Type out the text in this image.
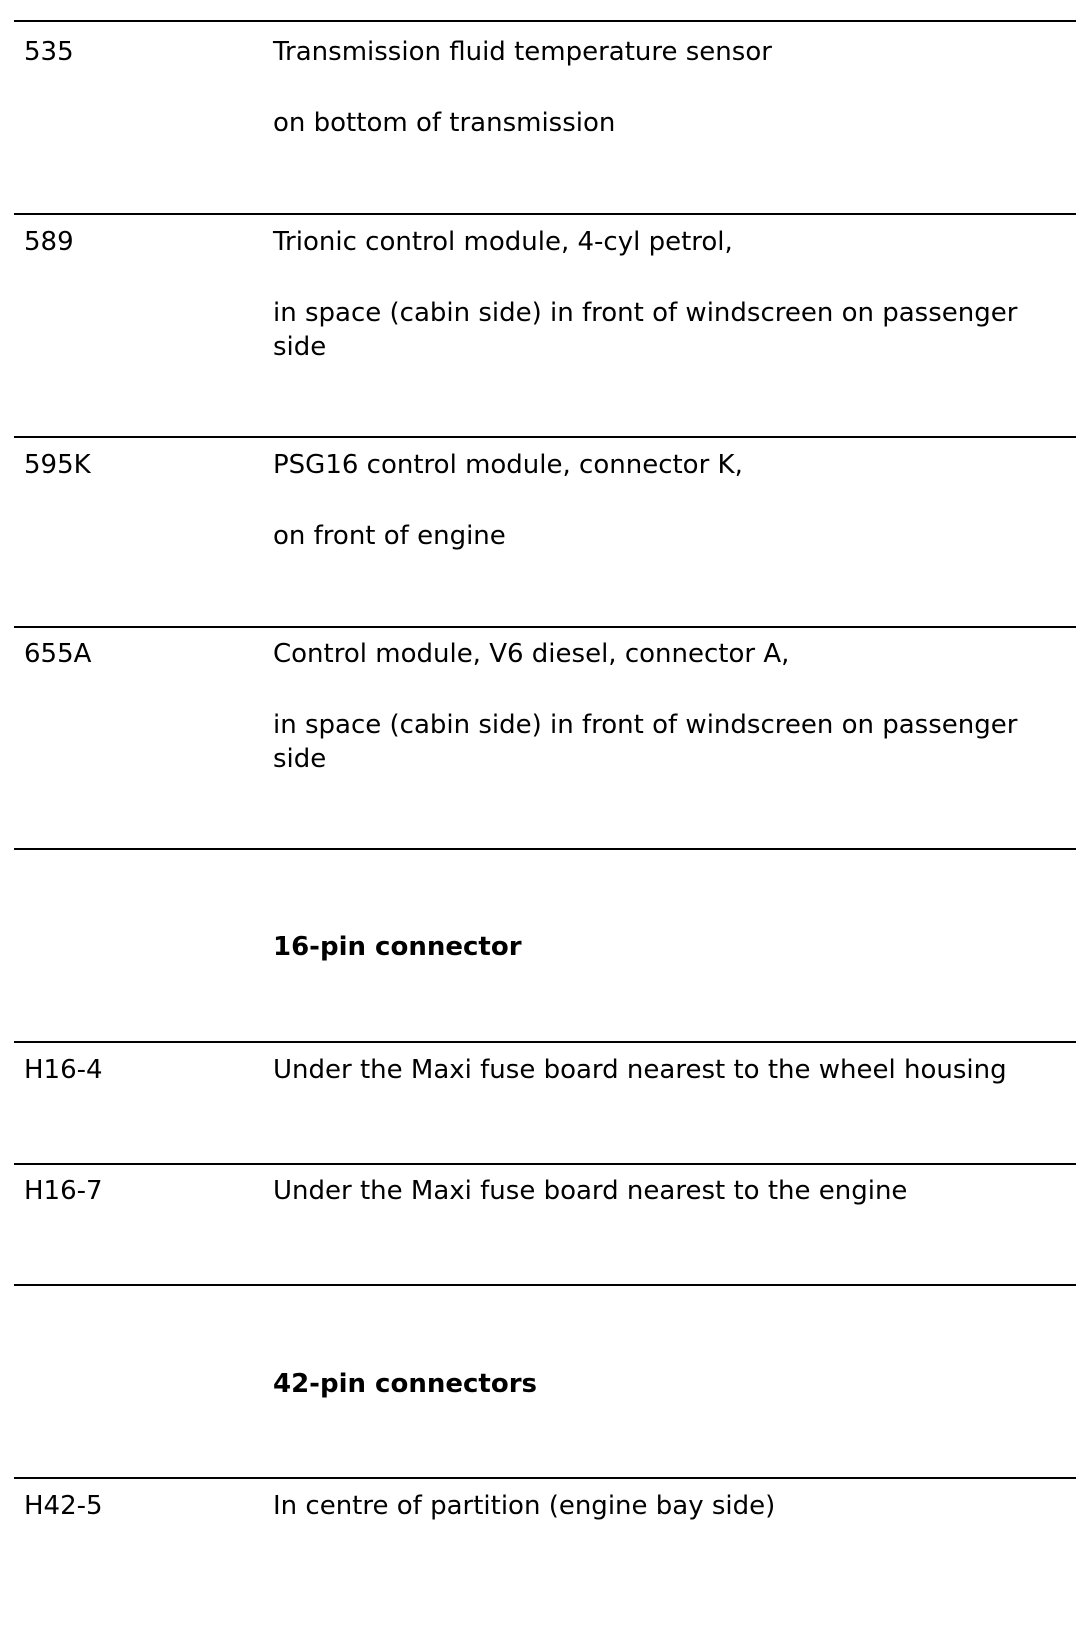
535	Transmission fluid temperature sensor

on bottom of transmission

589	Trionic control module, 4-cyl petrol,

in space (cabin side) in front of windscreen on passenger side

595K	PSG16 control module, connector K,

on front of engine

655A	Control module, V6 diesel, connector A,

in space (cabin side) in front of windscreen on passenger side

16-pin connector
H16-4	Under the Maxi fuse board nearest to the wheel housing
H16-7	Under the Maxi fuse board nearest to the engine
42-pin connectors
H42-5	In centre of partition (engine bay side)
